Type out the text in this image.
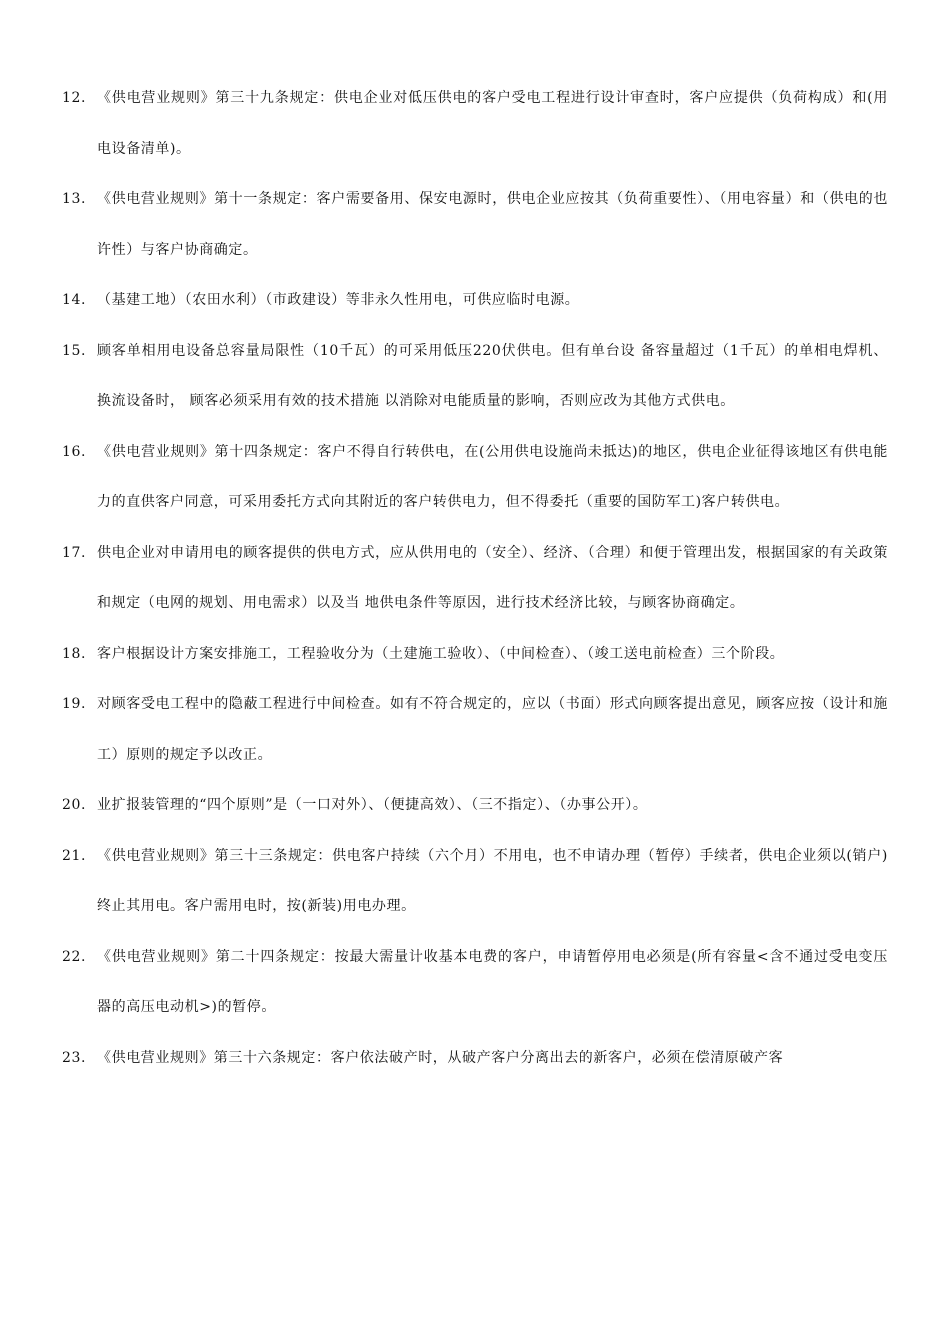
12. 《供电营业规则》第三十九条规定：供电企业对低压供电的客户受电工程进行设计审查时，客户应提供（负荷构成）和(用电设备清单)。
13. 《供电营业规则》第十一条规定：客户需要备用、保安电源时，供电企业应按其（负荷重要性）、（用电容量）和（供电的也许性）与客户协商确定。
14. （基建工地）（农田水利）（市政建设）等非永久性用电，可供应临时电源。
15. 顾客单相用电设备总容量局限性（10千瓦）的可采用低压220伏供电。但有单台设 备容量超过（1千瓦）的单相电焊机、换流设备时， 顾客必须采用有效的技术措施 以消除对电能质量的影响，否则应改为其他方式供电。
16. 《供电营业规则》第十四条规定：客户不得自行转供电，在(公用供电设施尚未抵达)的地区，供电企业征得该地区有供电能力的直供客户同意，可采用委托方式向其附近的客户转供电力，但不得委托（重要的国防军工)客户转供电。
17. 供电企业对申请用电的顾客提供的供电方式，应从供用电的（安全）、经济、（合理）和便于管理出发，根据国家的有关政策和规定（电网的规划、用电需求）以及当 地供电条件等原因，进行技术经济比较，与顾客协商确定。
18. 客户根据设计方案安排施工，工程验收分为（土建施工验收）、（中间检查）、（竣工送电前检查）三个阶段。
19. 对顾客受电工程中的隐蔽工程进行中间检查。如有不符合规定的，应以（书面）形式向顾客提出意见，顾客应按（设计和施工）原则的规定予以改正。
20. 业扩报装管理的“四个原则”是（一口对外）、（便捷高效）、（三不指定）、（办事公开）。
21. 《供电营业规则》第三十三条规定：供电客户持续（六个月）不用电，也不申请办理（暂停）手续者，供电企业须以(销户)终止其用电。客户需用电时，按(新装)用电办理。
22. 《供电营业规则》第二十四条规定：按最大需量计收基本电费的客户，申请暂停用电必须是(所有容量<含不通过受电变压器的高压电动机>)的暂停。
23. 《供电营业规则》第三十六条规定：客户依法破产时，从破产客户分离出去的新客户，必须在偿清原破产客
